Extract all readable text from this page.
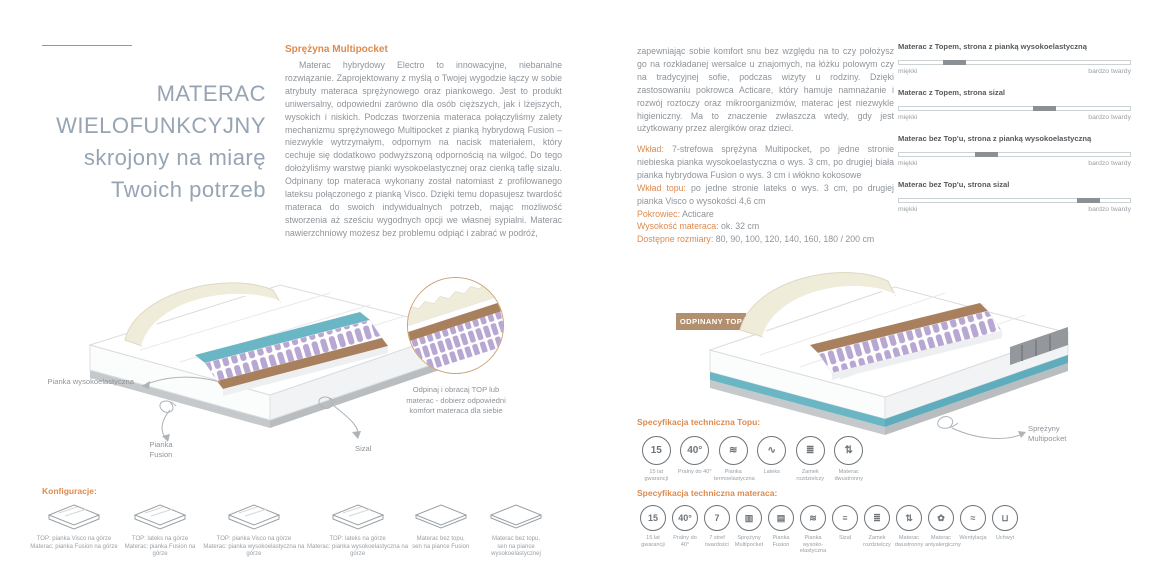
MATERAC
WIELOFUNKCYJNY
skrojony na miarę
Twoich potrzeb
Sprężyna Multipocket
Materac hybrydowy Electro to innowacyjne, niebanalne rozwiązanie. Zaprojektowany z myślą o Twojej wygodzie łączy w sobie atrybuty materaca sprężynowego oraz piankowego. Jest to produkt uniwersalny, odpowiedni zarówno dla osób cięższych, jak i lżejszych, wysokich i niskich. Podczas tworzenia materaca połączyliśmy zalety mechanizmu sprężynowego Multipocket z pianką hybrydową Fusion – niezwykle wytrzymałym, odpornym na nacisk materiałem, który cechuje się dodatkowo podwyższoną odpornością na wilgoć. Do tego dołożyliśmy warstwę pianki wysokoelastycznej oraz cienką taflę sizalu. Odpinany top materaca wykonany został natomiast z profilowanego lateksu połączonego z pianką Visco. Dzięki temu dopasujesz twardość materaca do swoich indywidualnych potrzeb, mając możliwość stworzenia aż sześciu wygodnych opcji we własnej sypialni. Materac nawierzchniowy możesz bez problemu odpiąć i zabrać w podróż,
Pianka wysokoelastyczna
Pianka Fusion
Sizal
Odpinaj i obracaj TOP lub materac - dobierz odpowiedni komfort materaca dla siebie
Konfiguracje:
TOP: pianka Visco na górze
Materac: pianka Fusion na górze
TOP: lateks na górze
Materac: pianka Fusion na górze
TOP: pianka Visco na górze
Materac: pianka wysokoelastyczna na górze
TOP: lateks na górze
Materac: pianka wysokoelastyczna na górze
Materac bez topu,
sen na piance Fusion
Materac bez topu,
sen na piance wysokoelastycznej
zapewniając sobie komfort snu bez względu na to czy położysz go na rozkładanej wersalce u znajomych, na łóżku polowym czy na tradycyjnej sofie, podczas wizyty u rodziny. Dzięki zastosowaniu pokrowca Acticare, który hamuje namnażanie i rozwój roztoczy oraz mikroorganizmów, materac jest niezwykle higieniczny. Ma to znaczenie zwłaszcza wtedy, gdy jest użytkowany przez alergików oraz dzieci.

Wkład: 7-strefowa sprężyna Multipocket, po jedne stronie niebieska pianka wysokoelastyczna o wys. 3 cm, po drugiej biała pianka hybrydowa Fusion o wys. 3 cm i włókno kokosowe

Wkład topu: po jedne stronie lateks o wys. 3 cm, po drugiej pianka Visco o wysokości 4,6 cm

Pokrowiec: Acticare

Wysokość materaca: ok. 32 cm

Dostępne rozmiary: 80, 90, 100, 120, 140, 160, 180 / 200 cm

Materac z Topem, strona z pianką wysokoelastyczną
miękki	bardzo twardy
Materac z Topem, strona sizal
miękki	bardzo twardy
Materac bez Top'u, strona z pianką wysokoelastyczną
miękki	bardzo twardy
Materac bez Top'u, strona sizal
miękki	bardzo twardy
ODPINANY TOP
Sprężyny Multipocket
Specyfikacja techniczna Topu:
15
15 lat gwarancji
40°
Pralny do 40°
≋
Pianka termoelastyczna
∿
Lateks
≣
Zamek rozdzielczy
⇅
Materac dwustronny
Specyfikacja techniczna materaca:
15
15 lat gwarancji
40°
Pralny do 40°
7
7 stref twardości
▥
Sprężyny Multipocket
▤
Pianka Fusion
≋
Pianka wysoko- elastyczna
≡
Sizal
≣
Zamek rozdzielczy
⇅
Materac dwustronny
✿
Materac antyalergiczny
≈
Wentylacja
⊔
Uchwyt
